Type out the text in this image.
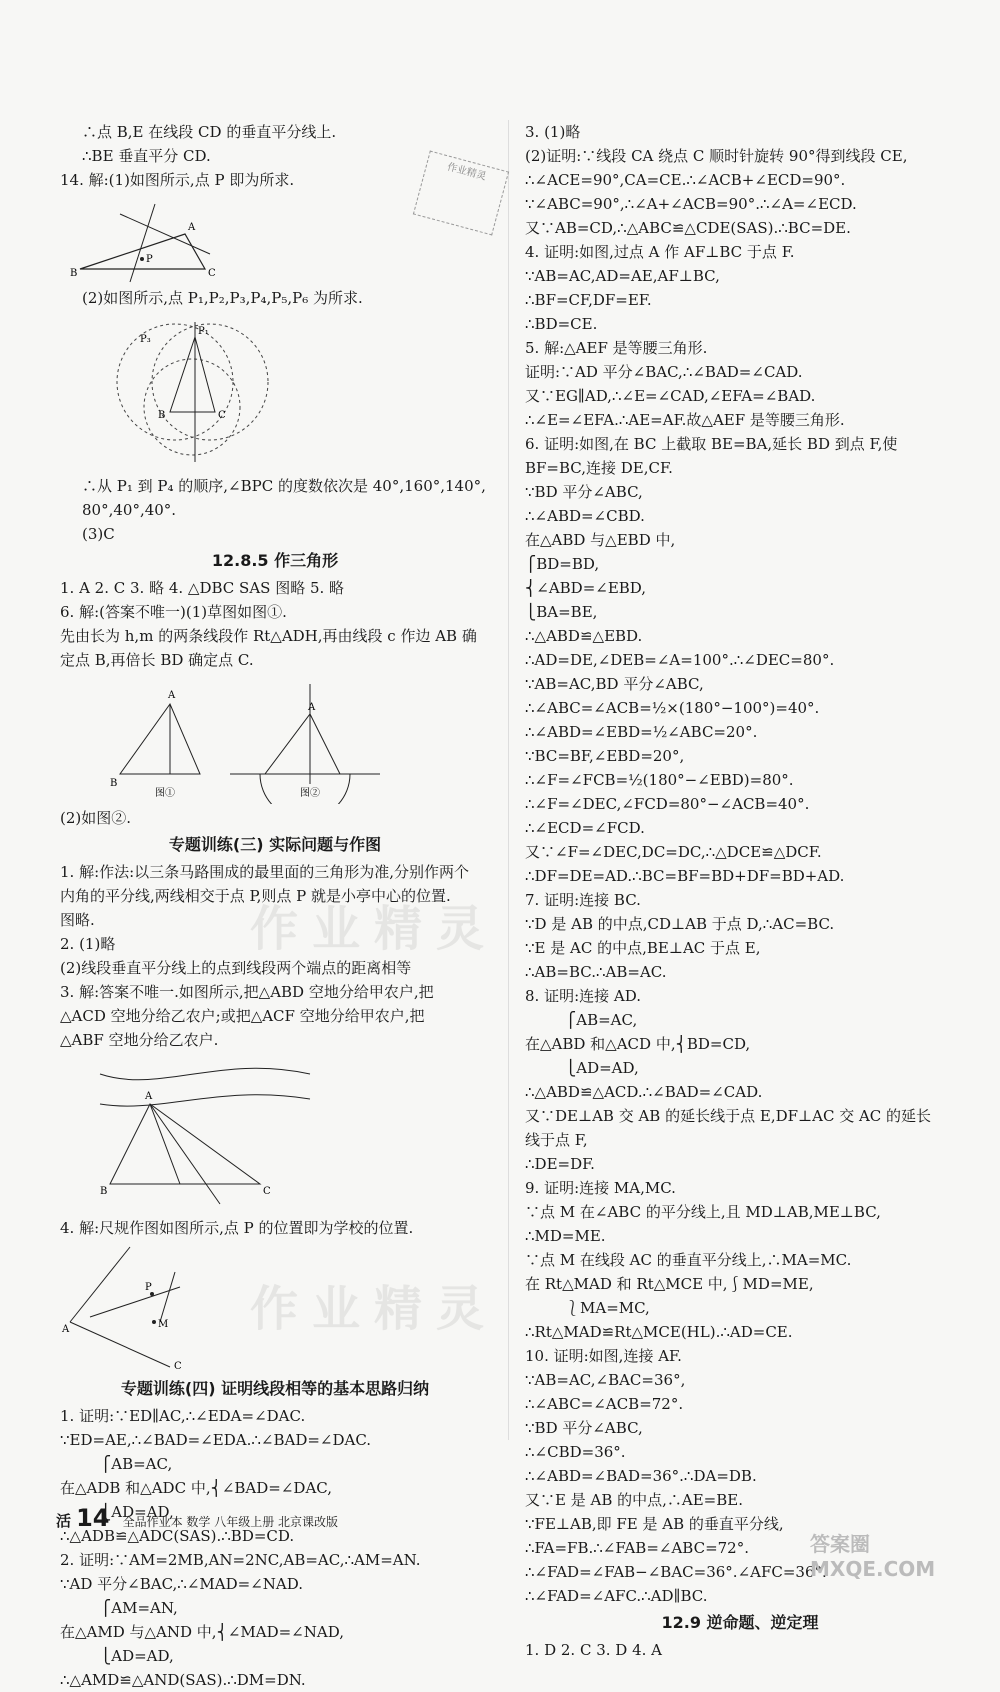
作业精灵
作业精灵
作业精灵
∴点 B,E 在线段 CD 的垂直平分线上.
∴BE 垂直平分 CD.
14. 解:(1)如图所示,点 P 即为所求.
B	C
A
P
(2)如图所示,点 P₁,P₂,P₃,P₄,P₅,P₆ 为所求.
B	C
P₁
P₃
∴从 P₁ 到 P₄ 的顺序,∠BPC 的度数依次是 40°,160°,140°,
80°,40°,40°.
(3)C
12.8.5 作三角形
1. A 2. C 3. 略 4. △DBC SAS 图略 5. 略
6. 解:(答案不唯一)(1)草图如图①.
先由长为 h,m 的两条线段作 Rt△ADH,再由线段 c 作边 AB 确
定点 B,再倍长 BD 确定点 C.
B
A
图①
A
图②
(2)如图②.
专题训练(三) 实际问题与作图
1. 解:作法:以三条马路围成的最里面的三角形为准,分别作两个
内角的平分线,两线相交于点 P,则点 P 就是小亭中心的位置.
图略.
2. (1)略
(2)线段垂直平分线上的点到线段两个端点的距离相等
3. 解:答案不唯一.如图所示,把△ABD 空地分给甲农户,把
△ACD 空地分给乙农户;或把△ACF 空地分给甲农户,把
△ABF 空地分给乙农户.
B	C
A
4. 解:尺规作图如图所示,点 P 的位置即为学校的位置.
A
P
M
C
专题训练(四) 证明线段相等的基本思路归纳
1. 证明:∵ED∥AC,∴∠EDA=∠DAC.
∵ED=AE,∴∠BAD=∠EDA.∴∠BAD=∠DAC.
⎧AB=AC,
在△ADB 和△ADC 中,⎨∠BAD=∠DAC,
⎩AD=AD,
∴△ADB≌△ADC(SAS).∴BD=CD.
2. 证明:∵AM=2MB,AN=2NC,AB=AC,∴AM=AN.
∵AD 平分∠BAC,∴∠MAD=∠NAD.
⎧AM=AN,
在△AMD 与△AND 中,⎨∠MAD=∠NAD,
⎩AD=AD,
∴△AMD≌△AND(SAS).∴DM=DN.
3. (1)略
(2)证明:∵线段 CA 绕点 C 顺时针旋转 90°得到线段 CE,
∴∠ACE=90°,CA=CE.∴∠ACB+∠ECD=90°.
∵∠ABC=90°,∴∠A+∠ACB=90°.∴∠A=∠ECD.
又∵AB=CD,∴△ABC≌△CDE(SAS).∴BC=DE.
4. 证明:如图,过点 A 作 AF⊥BC 于点 F.
∵AB=AC,AD=AE,AF⊥BC,
∴BF=CF,DF=EF.
∴BD=CE.
5. 解:△AEF 是等腰三角形.
证明:∵AD 平分∠BAC,∴∠BAD=∠CAD.
又∵EG∥AD,∴∠E=∠CAD,∠EFA=∠BAD.
∴∠E=∠EFA.∴AE=AF.故△AEF 是等腰三角形.
6. 证明:如图,在 BC 上截取 BE=BA,延长 BD 到点 F,使
BF=BC,连接 DE,CF.
∵BD 平分∠ABC,
∴∠ABD=∠CBD.
在△ABD 与△EBD 中,
⎧BD=BD,
⎨∠ABD=∠EBD,
⎩BA=BE,
∴△ABD≌△EBD.
∴AD=DE,∠DEB=∠A=100°.∴∠DEC=80°.
∵AB=AC,BD 平分∠ABC,
∴∠ABC=∠ACB=½×(180°−100°)=40°.
∴∠ABD=∠EBD=½∠ABC=20°.
∵BC=BF,∠EBD=20°,
∴∠F=∠FCB=½(180°−∠EBD)=80°.
∴∠F=∠DEC,∠FCD=80°−∠ACB=40°.
∴∠ECD=∠FCD.
又∵∠F=∠DEC,DC=DC,∴△DCE≌△DCF.
∴DF=DE=AD.∴BC=BF=BD+DF=BD+AD.
7. 证明:连接 BC.
∵D 是 AB 的中点,CD⊥AB 于点 D,∴AC=BC.
∵E 是 AC 的中点,BE⊥AC 于点 E,
∴AB=BC.∴AB=AC.
8. 证明:连接 AD.
⎧AB=AC,
在△ABD 和△ACD 中,⎨BD=CD,
⎩AD=AD,
∴△ABD≌△ACD.∴∠BAD=∠CAD.
又∵DE⊥AB 交 AB 的延长线于点 E,DF⊥AC 交 AC 的延长
线于点 F,
∴DE=DF.
9. 证明:连接 MA,MC.
∵点 M 在∠ABC 的平分线上,且 MD⊥AB,ME⊥BC,
∴MD=ME.
∵点 M 在线段 AC 的垂直平分线上,∴MA=MC.
在 Rt△MAD 和 Rt△MCE 中,⎰MD=ME,
⎱MA=MC,
∴Rt△MAD≌Rt△MCE(HL).∴AD=CE.
10. 证明:如图,连接 AF.
∵AB=AC,∠BAC=36°,
∴∠ABC=∠ACB=72°.
∵BD 平分∠ABC,
∴∠CBD=36°.
∴∠ABD=∠BAD=36°.∴DA=DB.
又∵E 是 AB 的中点,∴AE=BE.
∵FE⊥AB,即 FE 是 AB 的垂直平分线,
∴FA=FB.∴∠FAB=∠ABC=72°.
∴∠FAD=∠FAB−∠BAC=36°.∠AFC=36°.
∴∠FAD=∠AFC.∴AD∥BC.
12.9 逆命题、逆定理
1. D 2. C 3. D 4. A
活 14 全品作业本 数学 八年级上册 北京课改版
答案圈 MXQE.COM
